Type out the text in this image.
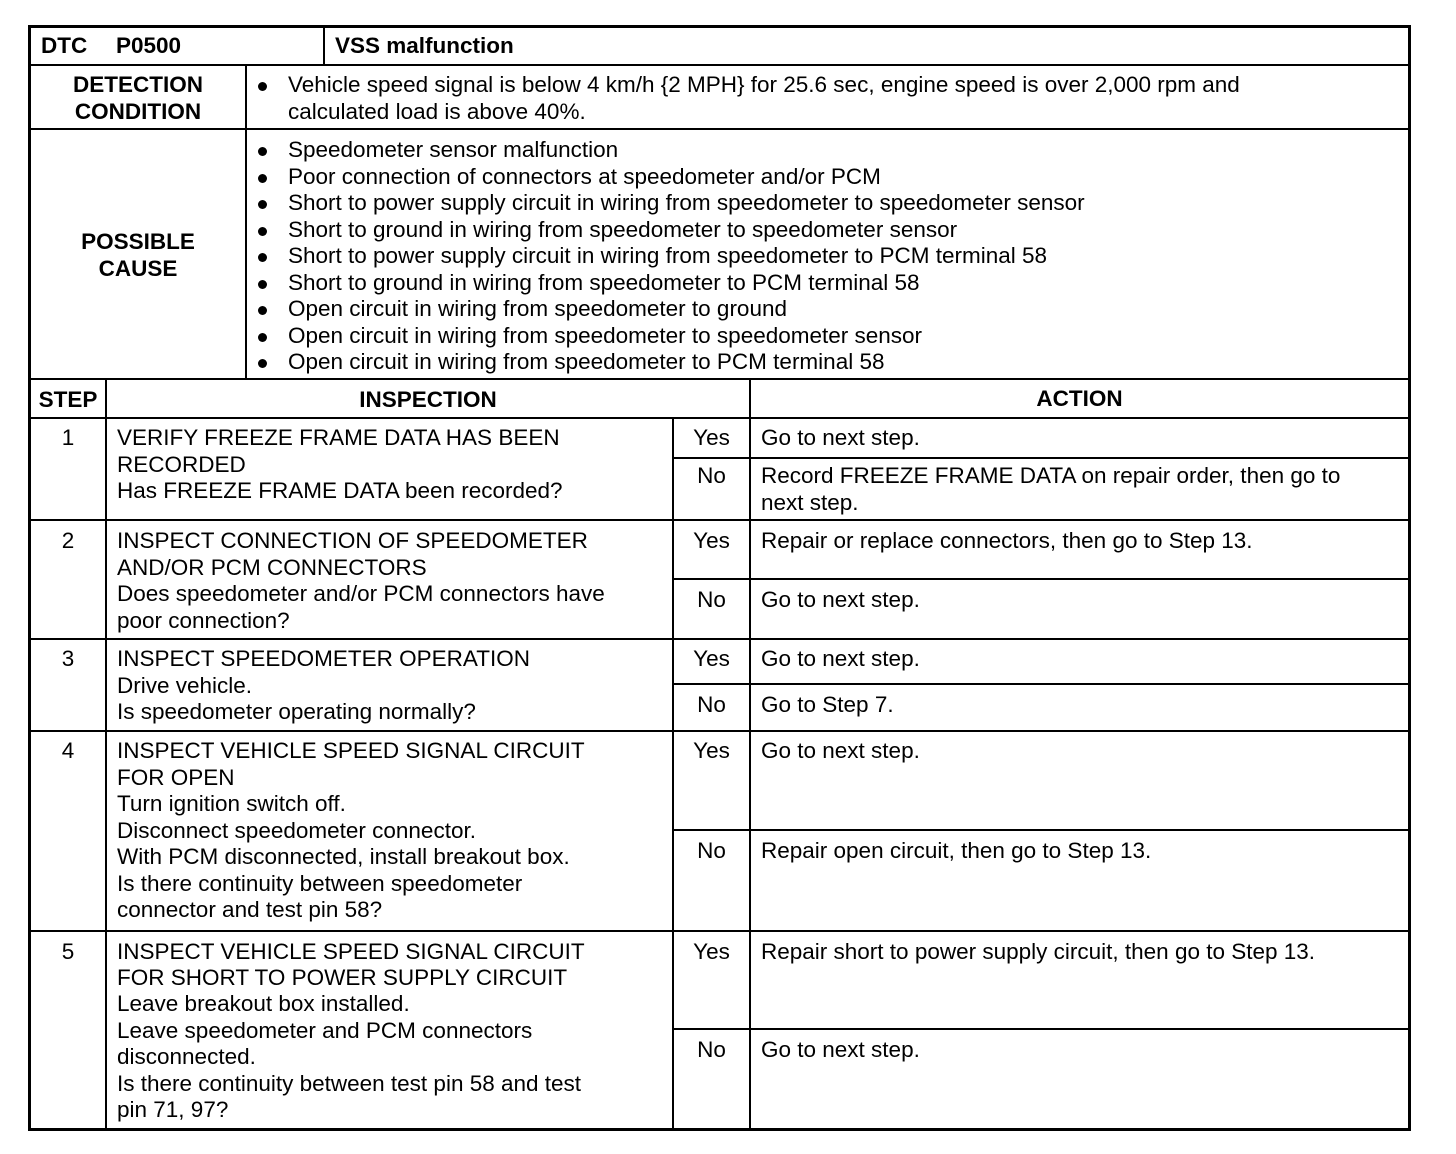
DTC P0500	VSS malfunction
DETECTION
CONDITION
Vehicle speed signal is below 4 km/h {2 MPH} for 25.6 sec, engine speed is over 2,000 rpm and
calculated load is above 40%.
POSSIBLE
CAUSE
Speedometer sensor malfunction
Poor connection of connectors at speedometer and/or PCM
Short to power supply circuit in wiring from speedometer to speedometer sensor
Short to ground in wiring from speedometer to speedometer sensor
Short to power supply circuit in wiring from speedometer to PCM terminal 58
Short to ground in wiring from speedometer to PCM terminal 58
Open circuit in wiring from speedometer to ground
Open circuit in wiring from speedometer to speedometer sensor
Open circuit in wiring from speedometer to PCM terminal 58
STEP	INSPECTION	ACTION
1	VERIFY FREEZE FRAME DATA HAS BEEN
RECORDED
Has FREEZE FRAME DATA been recorded?
Yes	Go to next step.
No	Record FREEZE FRAME DATA on repair order, then go to
next step.
2	INSPECT CONNECTION OF SPEEDOMETER
AND/OR PCM CONNECTORS
Does speedometer and/or PCM connectors have
poor connection?
Yes	Repair or replace connectors, then go to Step 13.
No	Go to next step.
3	INSPECT SPEEDOMETER OPERATION
Drive vehicle.
Is speedometer operating normally?
Yes	Go to next step.
No	Go to Step 7.
4	INSPECT VEHICLE SPEED SIGNAL CIRCUIT
FOR OPEN
Turn ignition switch off.
Disconnect speedometer connector.
With PCM disconnected, install breakout box.
Is there continuity between speedometer
connector and test pin 58?
Yes	Go to next step.
No	Repair open circuit, then go to Step 13.
5	INSPECT VEHICLE SPEED SIGNAL CIRCUIT
FOR SHORT TO POWER SUPPLY CIRCUIT
Leave breakout box installed.
Leave speedometer and PCM connectors
disconnected.
Is there continuity between test pin 58 and test
pin 71, 97?
Yes	Repair short to power supply circuit, then go to Step 13.
No	Go to next step.
